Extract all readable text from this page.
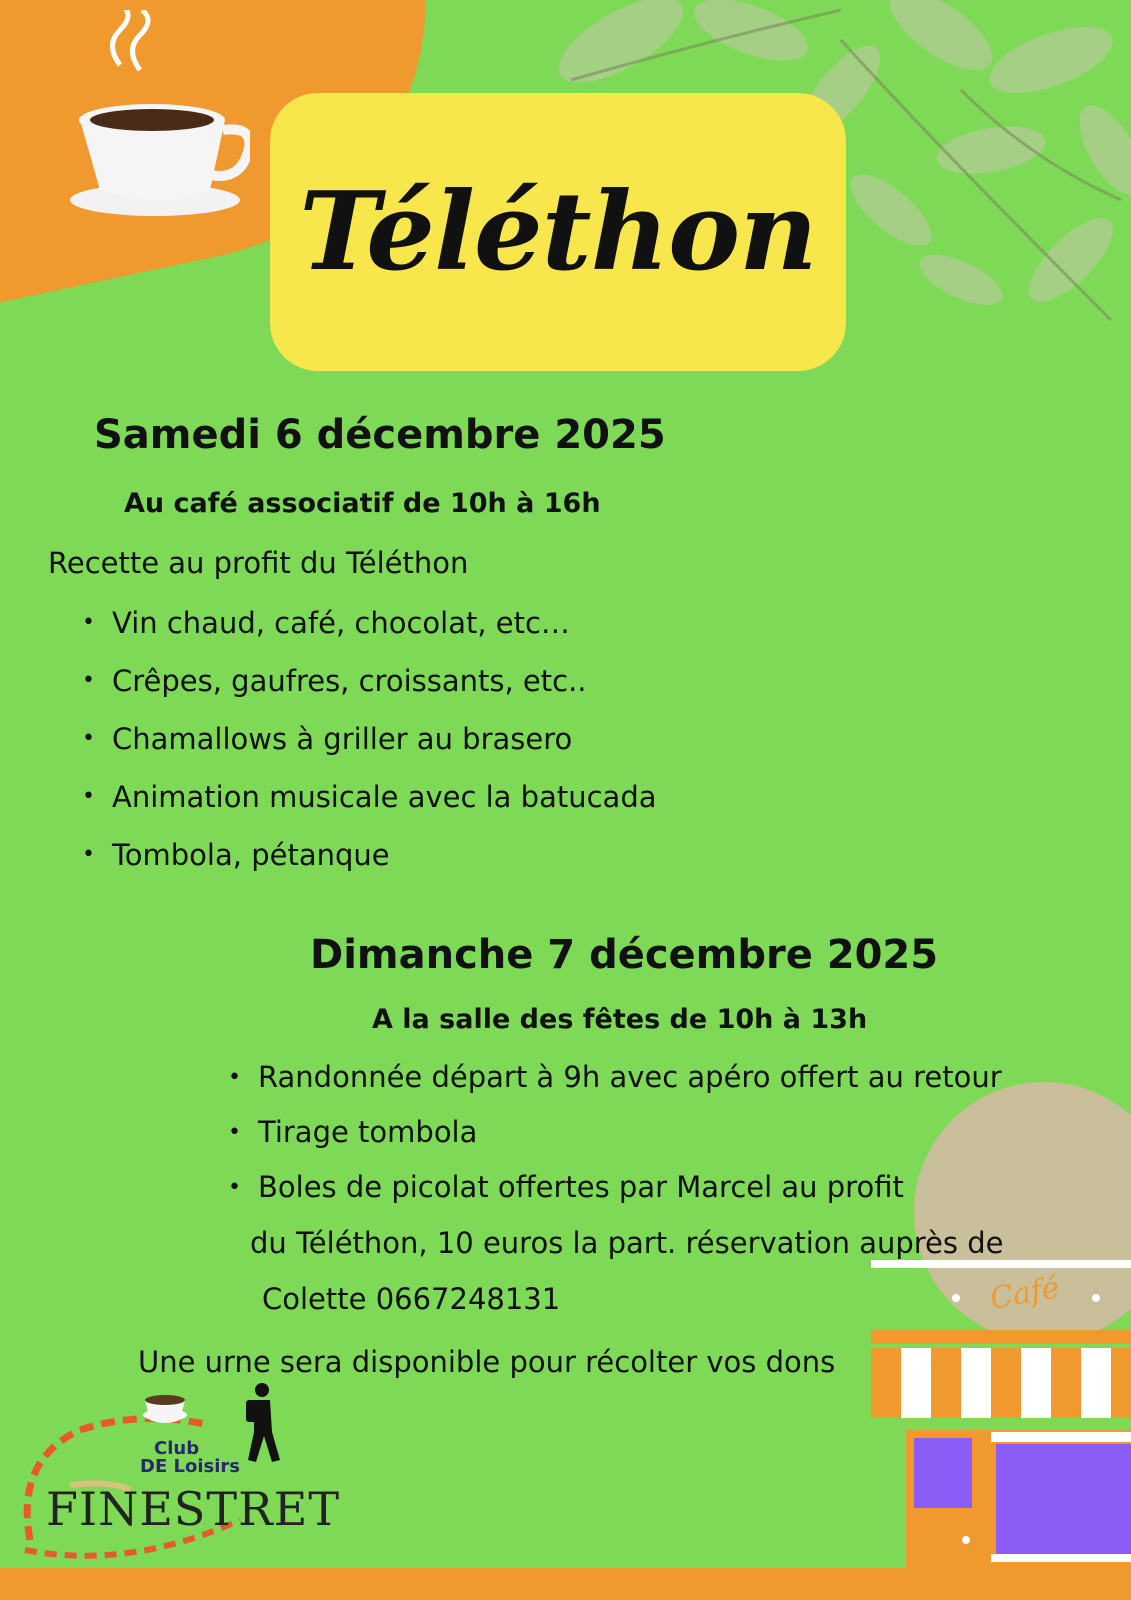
Téléthon
Samedi 6 décembre 2025
Au café associatif de 10h à 16h

Recette au profit du Téléthon

• Vin chaud, café, chocolat, etc…
• Crêpes, gaufres, croissants, etc..
• Chamallows à griller au brasero
• Animation musicale avec la batucada
• Tombola, pétanque
Dimanche 7 décembre 2025
A la salle des fêtes de 10h à 13h
• Randonnée départ à 9h avec apéro offert au retour
• Tirage tombola
• Boles de picolat offertes par Marcel au profit
du Téléthon, 10 euros la part. réservation auprès de
Colette 0667248131	Café

Une urne sera disponible pour récolter vos dons

Club
DE Loisirs
FINESTRET
